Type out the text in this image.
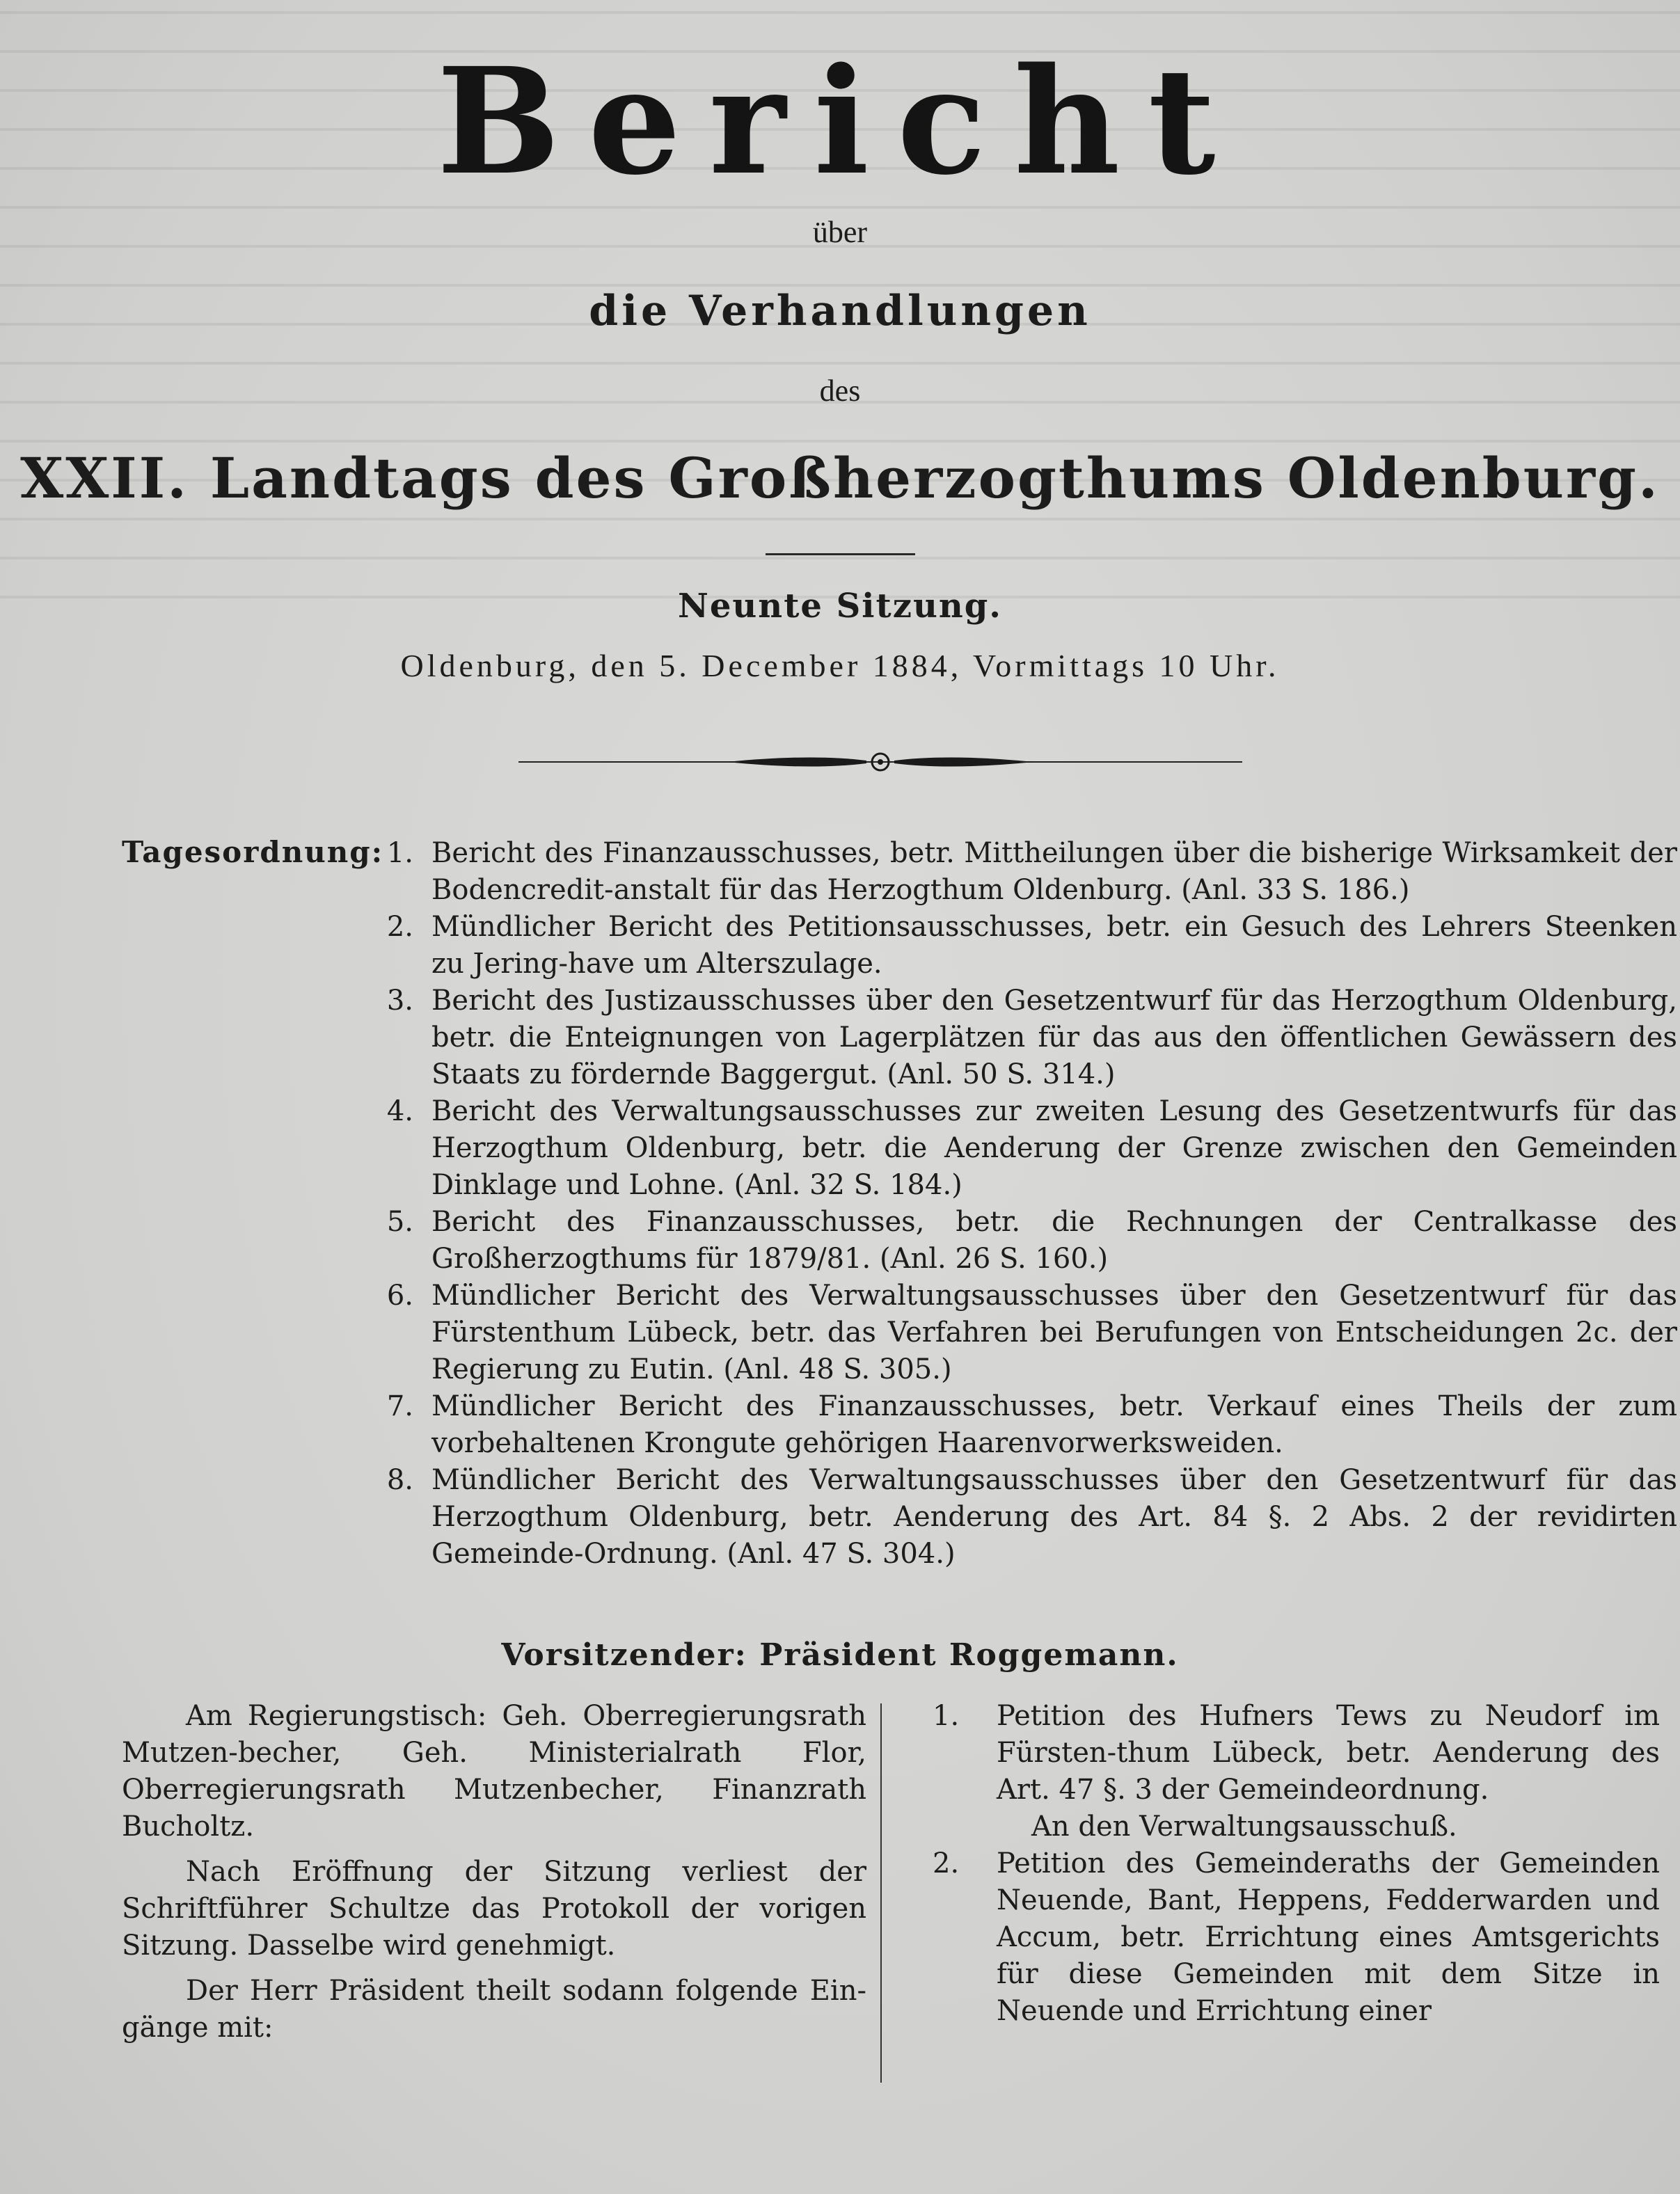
Bericht
über
die Verhandlungen
des
XXII. Landtags des Großherzogthums Oldenburg.
Neunte Sitzung.
Oldenburg, den 5. December 1884, Vormittags 10 Uhr.
Tagesordnung: 1. Bericht des Finanzausschusses, betr. Mittheilungen über die bisherige Wirksamkeit der Bodencredit-anstalt für das Herzogthum Oldenburg. (Anl. 33 S. 186.)
2. Mündlicher Bericht des Petitionsausschusses, betr. ein Gesuch des Lehrers Steenken zu Jering-have um Alterszulage.
3. Bericht des Justizausschusses über den Gesetzentwurf für das Herzogthum Oldenburg, betr. die Enteignungen von Lagerplätzen für das aus den öffentlichen Gewässern des Staats zu fördernde Baggergut. (Anl. 50 S. 314.)
4. Bericht des Verwaltungsausschusses zur zweiten Lesung des Gesetzentwurfs für das Herzogthum Oldenburg, betr. die Aenderung der Grenze zwischen den Gemeinden Dinklage und Lohne. (Anl. 32 S. 184.)
5. Bericht des Finanzausschusses, betr. die Rechnungen der Centralkasse des Großherzogthums für 1879/81. (Anl. 26 S. 160.)
6. Mündlicher Bericht des Verwaltungsausschusses über den Gesetzentwurf für das Fürstenthum Lübeck, betr. das Verfahren bei Berufungen von Entscheidungen 2c. der Regierung zu Eutin. (Anl. 48 S. 305.)
7. Mündlicher Bericht des Finanzausschusses, betr. Verkauf eines Theils der zum vorbehaltenen Krongute gehörigen Haarenvorwerksweiden.
8. Mündlicher Bericht des Verwaltungsausschusses über den Gesetzentwurf für das Herzogthum Oldenburg, betr. Aenderung des Art. 84 §. 2 Abs. 2 der revidirten Gemeinde-Ordnung. (Anl. 47 S. 304.)
Vorsitzender: Präsident Roggemann.

Am Regierungstisch: Geh. Oberregierungsrath Mutzen-becher, Geh. Ministerialrath Flor, Oberregierungsrath Mutzenbecher, Finanzrath Bucholtz.

Nach Eröffnung der Sitzung verliest der Schriftführer Schultze das Protokoll der vorigen Sitzung. Dasselbe wird genehmigt.

Der Herr Präsident theilt sodann folgende Ein-gänge mit:

1.	Petition des Hufners Tews zu Neudorf im Fürsten-thum Lübeck, betr. Aenderung des Art. 47 §. 3 der Gemeindeordnung.
An den Verwaltungsausschuß.
2.	Petition des Gemeinderaths der Gemeinden Neuende, Bant, Heppens, Fedderwarden und Accum, betr. Errichtung eines Amtsgerichts für diese Gemeinden mit dem Sitze in Neuende und Errichtung einer
